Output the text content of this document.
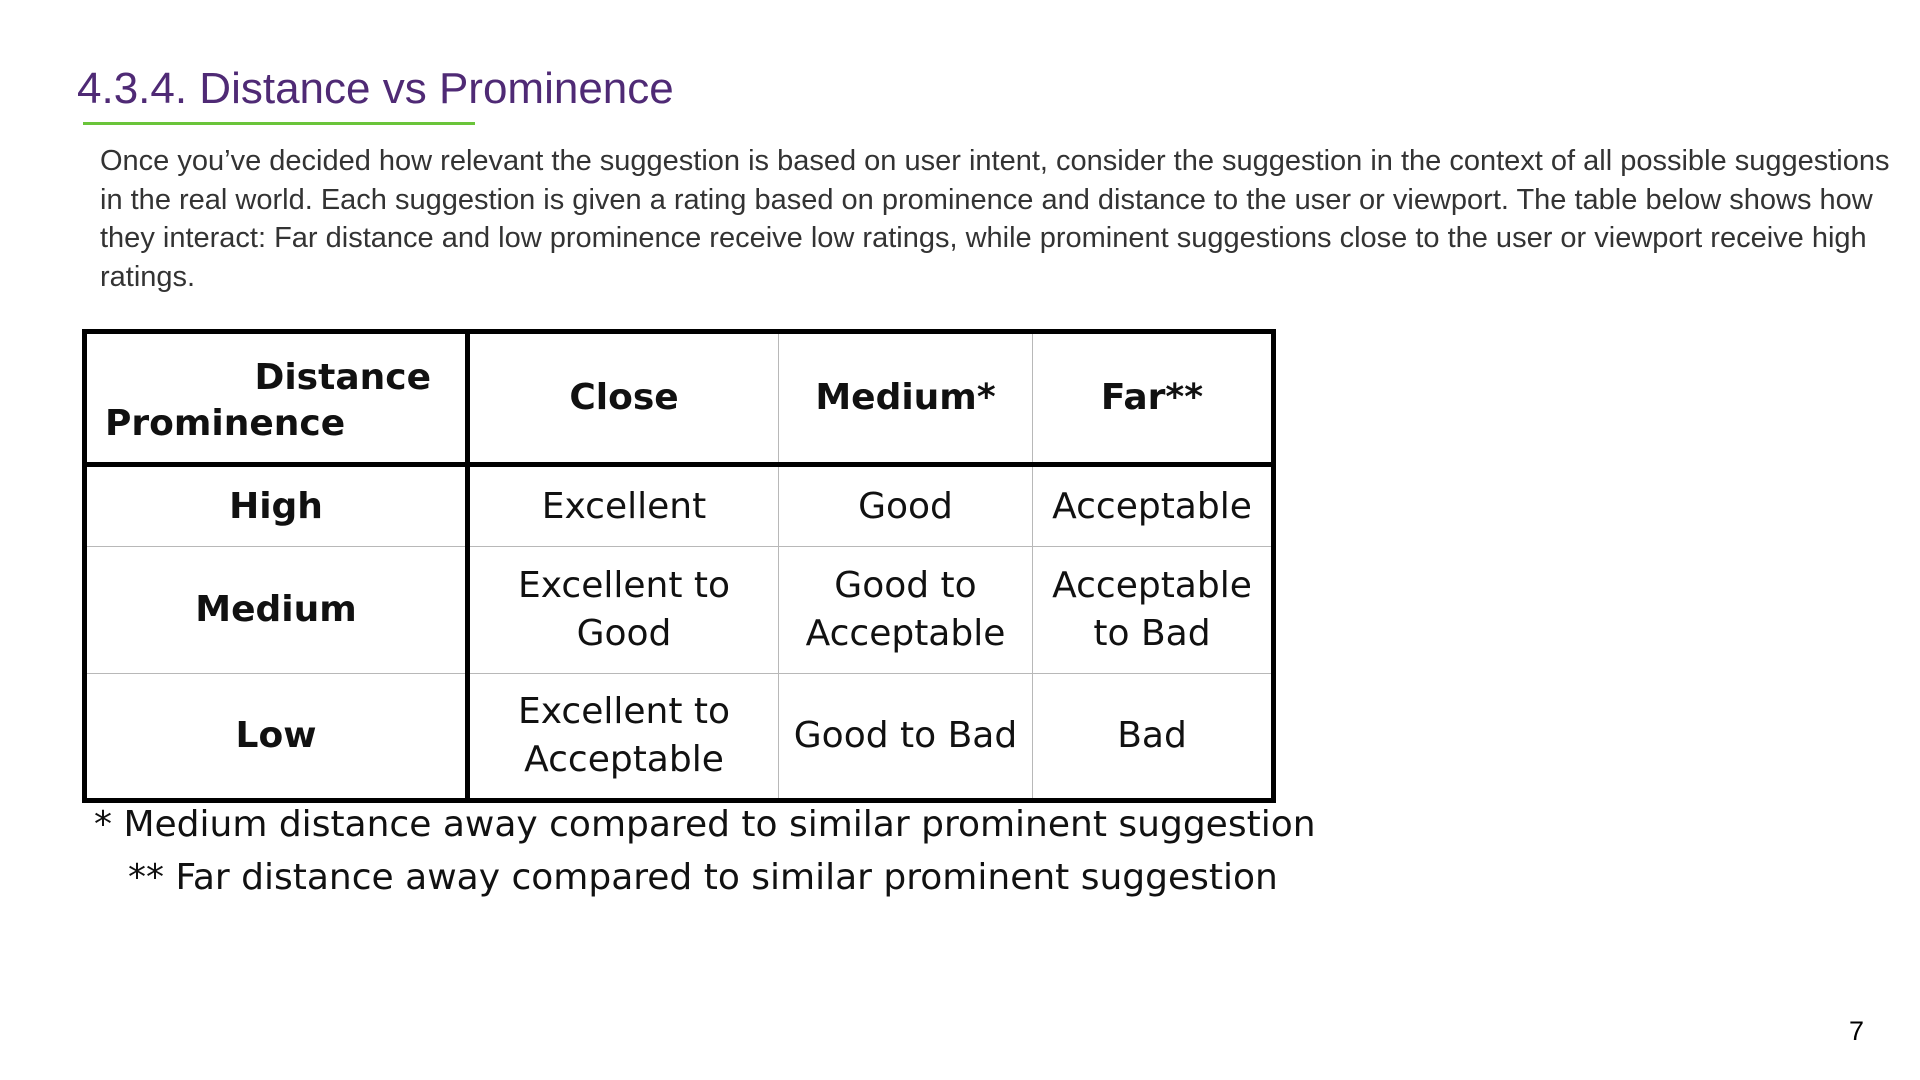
4.3.4. Distance vs Prominence
Once you’ve decided how relevant the suggestion is based on user intent, consider the suggestion in the context of all possible suggestions in the real world. Each suggestion is given a rating based on prominence and distance to the user or viewport. The table below shows how they interact: Far distance and low prominence receive low ratings, while prominent suggestions close to the user or viewport receive high ratings.
Distance
Prominence	Close	Medium*	Far**
High	Excellent	Good	Acceptable
Medium	Excellent to Good	Good to Acceptable	Acceptable to Bad
Low	Excellent to Acceptable	Good to Bad	Bad
* Medium distance away compared to similar prominent suggestion
** Far distance away compared to similar prominent suggestion
7
